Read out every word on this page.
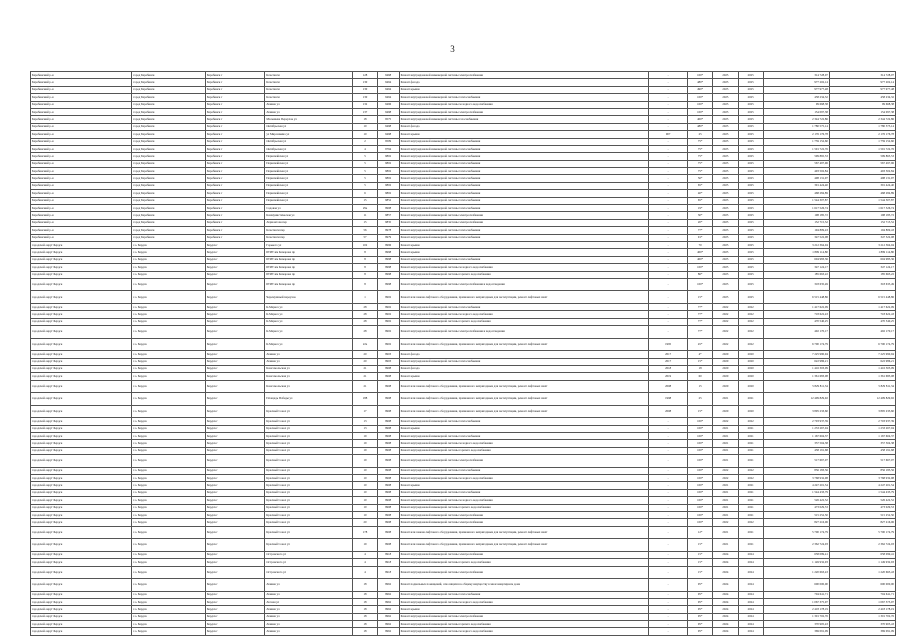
3
Барабинский р-н	город Барабинск	Барабинск г	Кочетнаги	128	9468	Ремонт внутридомовой инженерной системы электроснабжения	-	100*	2025	2025	314 728,07	314 728,07
Барабинский р-н	город Барабинск	Барабинск г	Кочетнаги	130	9494	Ремонт фасада	-	480*	2025	2025	977 202,14	977 202,14
Барабинский р-н	город Барабинск	Барабинск г	Кочетнаги	130	9494	Ремонт крыши	-	490*	2025	2025	977 977,48	977 977,48
Барабинский р-н	город Барабинск	Барабинск г	Кочетнаги	130	9494	Ремонт внутридомовой инженерной системы теплоснабжения	-	100*	2025	2025	458 234,32	458 234,32
Барабинский р-н	город Барабинск	Барабинск г	Ленина ул	132	9496	Ремонт внутридомовой инженерной системы холодного водоснабжения	-	100*	2025	2025	99 668,38	99 668,38
Барабинский р-н	город Барабинск	Барабинск г	Ленина ул	137	9498	Ремонт внутридомовой инженерной системы электроснабжения	-	100*	2025	2025	154 097,38	154 097,38
Барабинский р-н	город Барабинск	Барабинск г	Малышева Переулок ул	18	9575	Ремонт внутридомовой инженерной системы газоснабжения	-	400*	2025	2025	2 344 722,86	2 344 722,86
Барабинский р-н	город Барабинск	Барабинск г	Октябрьская ул	10	9498	Ремонт фасада	-	480*	2025	2025	1 780 575,14	1 780 575,14
Барабинский р-н	город Барабинск	Барабинск г	ул Мирошкина ул	10	9498	Ремонт крыши	907	25	2025	2025	2 176 176,78	2 176 176,78
Барабинский р-н	город Барабинск	Барабинск г	Октябрьская ул	2	9509	Ремонт внутридомовой инженерной системы теплоснабжения	-	75*	2025	2025	1 759 152,60	1 759 152,60
Барабинский р-н	город Барабинск	Барабинск г	Октябрьская ул	4	9794	Ремонт внутридомовой инженерной системы теплоснабжения	-	75*	2025	2025	1 591 722,76	1 591 722,76
Барабинский р-н	город Барабинск	Барабинск г	Первомайская ул	5	9802	Ремонт внутридомовой инженерной системы теплоснабжения	-	75*	2025	2025	599 865,53	599 865,53
Барабинский р-н	город Барабинск	Барабинск г	Первомайская ул	5	9802	Ремонт внутридомовой инженерной системы теплоснабжения	-	75*	2025	2025	567 497,96	567 497,96
Барабинский р-н	город Барабинск	Барабинск г	Первомайская ул	5	9802	Ремонт внутридомовой инженерной системы теплоснабжения	-	75*	2025	2025	493 502,84	493 502,84
Барабинский р-н	город Барабинск	Барабинск г	Первомайская ул	5	9802	Ремонт внутридомовой инженерной системы теплоснабжения	-	56*	2025	2025	498 131,97	498 131,97
Барабинский р-н	город Барабинск	Барабинск г	Первомайская ул	5	9802	Ремонт внутридомовой инженерной системы теплоснабжения	-	65*	2025	2025	391 424,40	391 424,40
Барабинский р-н	город Барабинск	Барабинск г	Первомайская ул	6	9802	Ремонт внутридомовой инженерной системы теплоснабжения	-	40*	2025	2025	468 284,89	468 284,89
Барабинский р-н	город Барабинск	Барабинск г	Первомайская ул	15	9852	Ремонт внутридомовой инженерной системы теплоснабжения	-	65*	2025	2025	1 544 307,87	1 544 307,87
Барабинский р-н	город Барабинск	Барабинск г	Садовая ул	29а	9908	Ремонт внутридомовой инженерной системы теплоснабжения	-	19*	2025	2025	1 617 526,74	1 617 526,74
Барабинский р-н	город Барабинск	Барабинск г	Коммунистическая ул	11	9857	Ремонт внутридомовой инженерной системы электроснабжения	-	30*	2025	2025	198 185,72	198 185,72
Барабинский р-н	город Барабинск	Барабинск г	Лермонтова пер	15	9835	Ремонт внутридомовой инженерной системы электроснабжения	-	20*	2025	2025	152 715,52	152 715,52
Барабинский р-н	город Барабинск	Барабинск г	Кочетнаги пер	56	9978	Ремонт внутридомовой инженерной системы теплоснабжения	-	77*	2025	2025	194 809,43	194 809,43
Барабинский р-н	город Барабинск	Барабинск г	Кочетнаги пер	57	9979	Ремонт внутридомовой инженерной системы теплоснабжения	-	91*	2025	2025	347 522,08	347 522,08
городской округ Бердск	г.о. Бердск	Бердск г	Горького ул	102	9996	Ремонт крыши	-	70	2025	2025	3 212 364,04	3 212 364,04
городской округ Бердск	г.о. Бердск	Бердск г	БТИТ им Комарова пр	8	9998	Ремонт крыши	-	400*	2025	2025	1 899 114,80	1 899 114,80
городской округ Бердск	г.о. Бердск	Бердск г	БТИТ им Комарова пр	8	9998	Ремонт внутридомовой инженерной системы теплоснабжения	-	400*	2025	2025	604 983,36	604 983,36
городской округ Бердск	г.о. Бердск	Бердск г	БТИТ им Комарова пр	8	9998	Ремонт внутридомовой инженерной системы холодного водоснабжения	-	100*	2025	2025	347 124,17	347 124,17
городской округ Бердск	г.о. Бердск	Бердск г	БТИТ им Комарова пр	8	9998	Ремонт внутридомовой инженерной системы горячего водоснабжения	-	86*	2025	2025	185 663,22	185 663,22
городской округ Бердск	г.о. Бердск	Бердск г	БТИТ им Комарова пр	8	9998	Ремонт внутридомовой инженерной системы электроснабжения и водоотведения	-	100*	2025	2025	318 635,49	318 635,49
городской округ Бердск	г.о. Бердск	Бердск г	Черемушный переулок	1	9902	Ремонт или замена лифтового оборудования, признанного непригодным для эксплуатации, ремонт лифтовых шахт	-	15*	2025	2025	6 515 448,86	6 515 448,86
городской округ Бердск	г.о. Бердск	Бердск г	К.Маркса ул	28	9902	Ремонт внутридомовой инженерной системы теплоснабжения	-	77*	2022	2022	1 417 622,09	1 417 622,09
городской округ Бердск	г.о. Бердск	Бердск г	К.Маркса ул	28	9902	Ремонт внутридомовой инженерной системы холодного водоснабжения	-	77*	2022	2022	718 622,43	718 622,43
городской округ Бердск	г.о. Бердск	Бердск г	К.Маркса ул	28	9902	Ремонт внутридомовой инженерной системы горячего водоснабжения	-	77*	2022	2022	470 540,25	470 540,25
городской округ Бердск	г.о. Бердск	Бердск г	К.Маркса ул	28	9902	Ремонт внутридомовой инженерной системы электроснабжения и водоотведения	-	77*	2022	2022	492 170,17	492 170,17
городской округ Бердск	г.о. Бердск	Бердск г	К.Маркса ул	22а	9902	Ремонт или замена лифтового оборудования, признанного непригодным для эксплуатации, ремонт лифтовых шахт	1995	45*	2022	2022	6 700 174,79	6 700 174,79
городской округ Бердск	г.о. Бердск	Бердск г	Ленина ул	20	9903	Ремонт фасада	2017	4*	2020	2020	7 225 990,94	7 225 990,94
городской округ Бердск	г.о. Бердск	Бердск г	Ленина ул	20	9903	Ремонт внутридомовой инженерной системы теплоснабжения	2017	15*	2020	2020	622 986,21	622 986,21
городской округ Бердск	г.о. Бердск	Бердск г	Комсомольская ул	21	9908	Ремонт фасада	2018	18	2020	2020	1 416 303,09	1 416 303,09
городской округ Бердск	г.о. Бердск	Бердск г	Комсомольская ул	21	9908	Ремонт крыши	2019	60	2020	2020	1 361 683,08	1 361 683,08
городской округ Бердск	г.о. Бердск	Бердск г	Комсомольская ул	21	9908	Ремонт или замена лифтового оборудования, признанного непригодным для эксплуатации, ремонт лифтовых шахт	2008	15	2020	2020	5 829 811,34	5 829 811,34
городской округ Бердск	г.о. Бердск	Бердск г	Площадь Победы ул	188	9908	Ремонт или замена лифтового оборудования, признанного непригодным для эксплуатации, ремонт лифтовых шахт	1998	25	2021	2021	12 409 829,92	12 409 829,92
городской округ Бердск	г.о. Бердск	Бердск г	Красный Сокол ул	17	9908	Ремонт или замена лифтового оборудования, признанного непригодным для эксплуатации, ремонт лифтовых шахт	2008	15*	2020	2020	3 895 233,60	3 895 233,60
городской округ Бердск	г.о. Бердск	Бердск г	Красный Сокол ул	13	9908	Ремонт внутридомовой инженерной системы теплоснабжения	-	100*	2022	2022	2 703 937,39	2 703 937,39
городской округ Бердск	г.о. Бердск	Бердск г	Красный Сокол ул	13	9908	Ремонт крыши	-	100*	2021	2021	1 233 267,04	1 233 267,04
городской округ Бердск	г.о. Бердск	Бердск г	Красный Сокол ул	19	9908	Ремонт внутридомовой инженерной системы теплоснабжения	-	100*	2021	2021	1 167 604,37	1 167 604,37
городской округ Бердск	г.о. Бердск	Бердск г	Красный Сокол ул	19	9908	Ремонт внутридомовой инженерной системы холодного водоснабжения	-	100*	2021	2021	357 504,38	357 504,38
городской округ Бердск	г.о. Бердск	Бердск г	Красный Сокол ул	19	9908	Ремонт внутридомовой инженерной системы горячего водоснабжения	-	100*	2021	2021	458 191,68	458 191,68
городской округ Бердск	г.о. Бердск	Бердск г	Красный Сокол ул	19	9908	Ремонт внутридомовой инженерной системы электроснабжения	-	100*	2021	2021	517 667,07	517 667,07
городской округ Бердск	г.о. Бердск	Бердск г	Красный Сокол ул	10	9908	Ремонт внутридомовой инженерной системы теплоснабжения	-	100*	2022	2022	856 183,56	856 183,56
городской округ Бердск	г.о. Бердск	Бердск г	Красный Сокол ул	10	9908	Ремонт внутридомовой инженерной системы холодного водоснабжения	-	100*	2022	2022	3 768 932,98	3 768 932,98
городской округ Бердск	г.о. Бердск	Бердск г	Красный Сокол ул	10	9908	Ремонт крыши	-	100*	2021	2021	4 247 201,54	4 247 201,54
городской округ Бердск	г.о. Бердск	Бердск г	Красный Сокол ул	10	9908	Ремонт внутридомовой инженерной системы теплоснабжения	-	100*	2021	2021	1 544 433,79	1 544 433,79
городской округ Бердск	г.о. Бердск	Бердск г	Красный Сокол ул	10	9908	Ремонт внутридомовой инженерной системы холодного водоснабжения	-	100*	2021	2021	526 422,52	526 422,52
городской округ Бердск	г.о. Бердск	Бердск г	Красный Сокол ул	10	9908	Ремонт внутридомовой инженерной системы горячего водоснабжения	-	100*	2021	2021	473 029,53	473 029,53
городской округ Бердск	г.о. Бердск	Бердск г	Красный Сокол ул	10	9908	Ремонт внутридомовой инженерной системы электроснабжения	-	100*	2021	2021	515 252,50	515 252,50
городской округ Бердск	г.о. Бердск	Бердск г	Красный Сокол ул	20	9908	Ремонт внутридомовой инженерной системы электроснабжения	-	100*	2022	2022	827 216,06	827 216,06
городской округ Бердск	г.о. Бердск	Бердск г	Красный Сокол ул	178	9908	Ремонт или замена лифтового оборудования, признанного непригодным для эксплуатации, ремонт лифтовых шахт	-	12*	2021	2021	5 700 174,79	5 700 174,79
городской округ Бердск	г.о. Бердск	Бердск г	Красный Сокол ул	19	9908	Ремонт или замена лифтового оборудования, признанного непригодным для эксплуатации, ремонт лифтовых шахт	-	15*	2021	2021	2 362 724,03	2 362 724,03
городской округ Бердск	г.о. Бердск	Бердск г	Островского ул	4	9918	Ремонт внутридомовой инженерной системы электроснабжения	-	15*	2024	2024	658 099,41	658 099,41
городской округ Бердск	г.о. Бердск	Бердск г	Островского ул	4	9918	Ремонт внутридомовой инженерной системы горячего водоснабжения	-	15*	2024	2024	1 149 932,93	1 149 932,93
городской округ Бердск	г.о. Бердск	Бердск г	Островского ул	4	9918	Ремонт внутридомовой инженерной системы электроснабжения	-	15*	2024	2024	1 220 663,43	1 220 663,43
городской округ Бердск	г.о. Бердск	Бердск г	Ленина ул	18	9962	Ремонт подвальных помещений, относящихся к общему имуществу в многоквартирном доме	-	95*	2024	2024	600 000,00	600 000,00
городской округ Бердск	г.о. Бердск	Бердск г	Ленина ул	18	9962	Ремонт внутридомовой инженерной системы теплоснабжения	-	95*	2024	2024	704 641,71	704 641,71
городской округ Бердск	г.о. Бердск	Бердск г	Лесная ул	18	9962	Ремонт внутридомовой инженерной системы холодного водоснабжения	-	95*	2024	2024	1 067 375,97	1 067 375,97
городской округ Бердск	г.о. Бердск	Бердск г	Ленина ул	18	9962	Ремонт крыши	-	95*	2024	2024	2 418 178,19	2 418 178,19
городской округ Бердск	г.о. Бердск	Бердск г	Ленина ул	18	9962	Ремонт внутридомовой инженерной системы электроснабжения	-	95*	2024	2024	1 301 702,76	1 301 702,76
городской округ Бердск	г.о. Бердск	Бердск г	Ленина ул	18	9962	Ремонт внутридомовой инженерной системы горячего водоснабжения	-	95*	2024	2024	370 905,43	370 905,43
городской округ Бердск	г.о. Бердск	Бердск г	Ленина ул	18	9962	Ремонт внутридомовой инженерной системы холодного водоснабжения	-	95*	2024	2024	369 091,09	369 091,09
